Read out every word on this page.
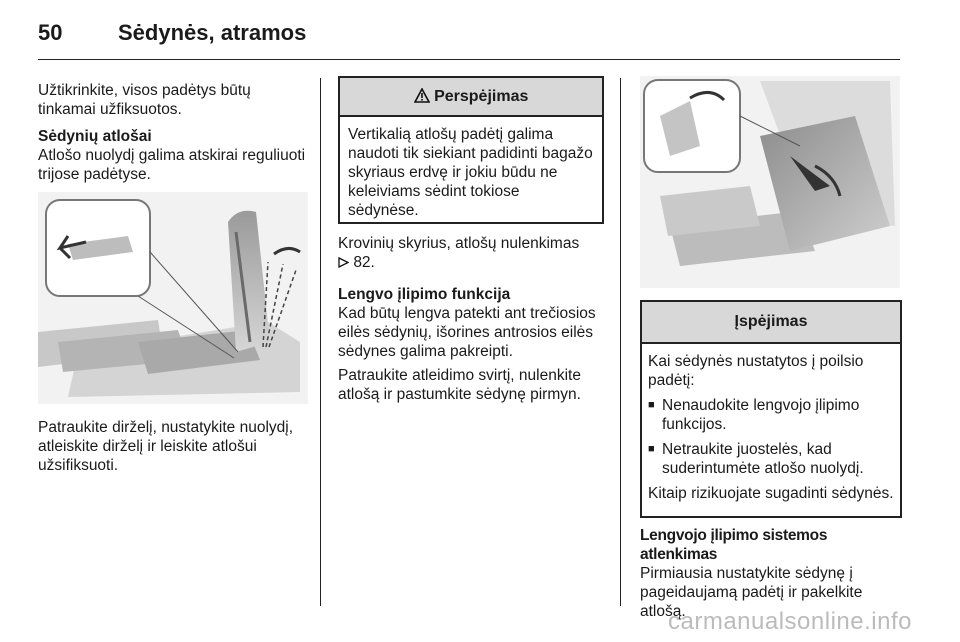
50	Sėdynės, atramos

Užtikrinkite, visos padėtys būtų tinkamai užfiksuotos.

Sėdynių atlošai

Atlošo nuolydį galima atskirai reguliuoti trijose padėtyse.

Patraukite dirželį, nustatykite nuolydį, atleiskite dirželį ir leiskite atlošui užsifiksuoti.

Perspėjimas
Vertikalią atlošų padėtį galima naudoti tik siekiant padidinti bagažo skyriaus erdvę ir jokiu būdu ne keleiviams sėdint tokiose sėdynėse.

Krovinių skyrius, atlošų nulenkimas
82.

Lengvo įlipimo funkcija

Kad būtų lengva patekti ant trečiosios eilės sėdynių, išorines antrosios eilės sėdynes galima pakreipti.

Patraukite atleidimo svirtį, nulenkite atlošą ir pastumkite sėdynę pirmyn.

Įspėjimas

Kai sėdynės nustatytos į poilsio padėtį:

■ Nenaudokite lengvojo įlipimo funkcijos.
■ Netraukite juostelės, kad suderintumėte atlošo nuolydį.

Kitaip rizikuojate sugadinti sėdynės.

Lengvojo įlipimo sistemos atlenkimas

Pirmiausia nustatykite sėdynę į pageidaujamą padėtį ir pakelkite atlošą.

carmanualsonline.info
